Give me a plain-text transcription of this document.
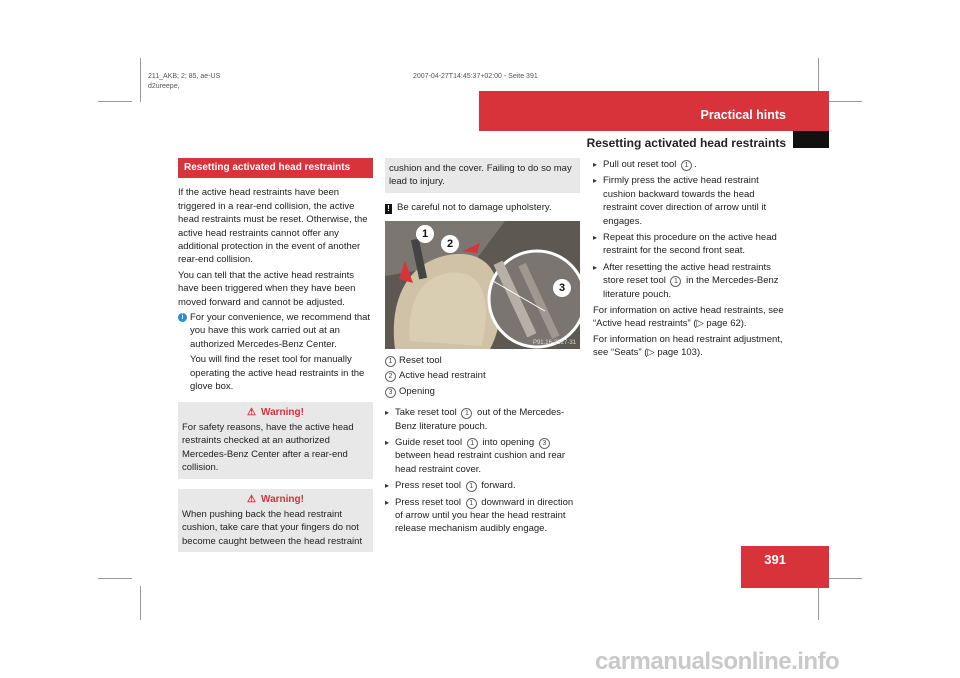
211_AKB; 2; 85, ae-US
d2ureepe,
2007-04-27T14:45:37+02:00 - Seite 391
Practical hints
Resetting activated head restraints
Resetting activated head restraints

If the active head restraints have been triggered in a rear-end collision, the active head restraints must be reset. Otherwise, the active head restraints cannot offer any additional protection in the event of another rear-end collision.

You can tell that the active head restraints have been triggered when they have been moved forward and cannot be adjusted.

i For your convenience, we recommend that you have this work carried out at an authorized Mercedes-Benz Center.

You will find the reset tool for manually operating the active head restraints in the glove box.

⚠ Warning!
For safety reasons, have the active head restraints checked at an authorized Mercedes-Benz Center after a rear-end collision.
⚠ Warning!
When pushing back the head restraint cushion, take care that your fingers do not become caught between the head restraint
cushion and the cover. Failing to do so may lead to injury.

! Be careful not to damage upholstery.

1
2
3
P91.16-2527-31
1 Reset tool
2 Active head restraint
3 Opening
▸ Take reset tool 1 out of the Mercedes-Benz literature pouch.
▸ Guide reset tool 1 into opening 3 between head restraint cushion and rear head restraint cover.
▸ Press reset tool 1 forward.
▸ Press reset tool 1 downward in direction of arrow until you hear the head restraint release mechanism audibly engage.
▸ Pull out reset tool 1 .
▸ Firmly press the active head restraint cushion backward towards the head restraint cover direction of arrow until it engages.
▸ Repeat this procedure on the active head restraint for the second front seat.
▸ After resetting the active head restraints store reset tool 1 in the Mercedes-Benz literature pouch.

For information on active head restraints, see “Active head restraints” (▷ page 62).

For information on head restraint adjustment, see “Seats” (▷ page 103).

391
carmanualsonline.info
